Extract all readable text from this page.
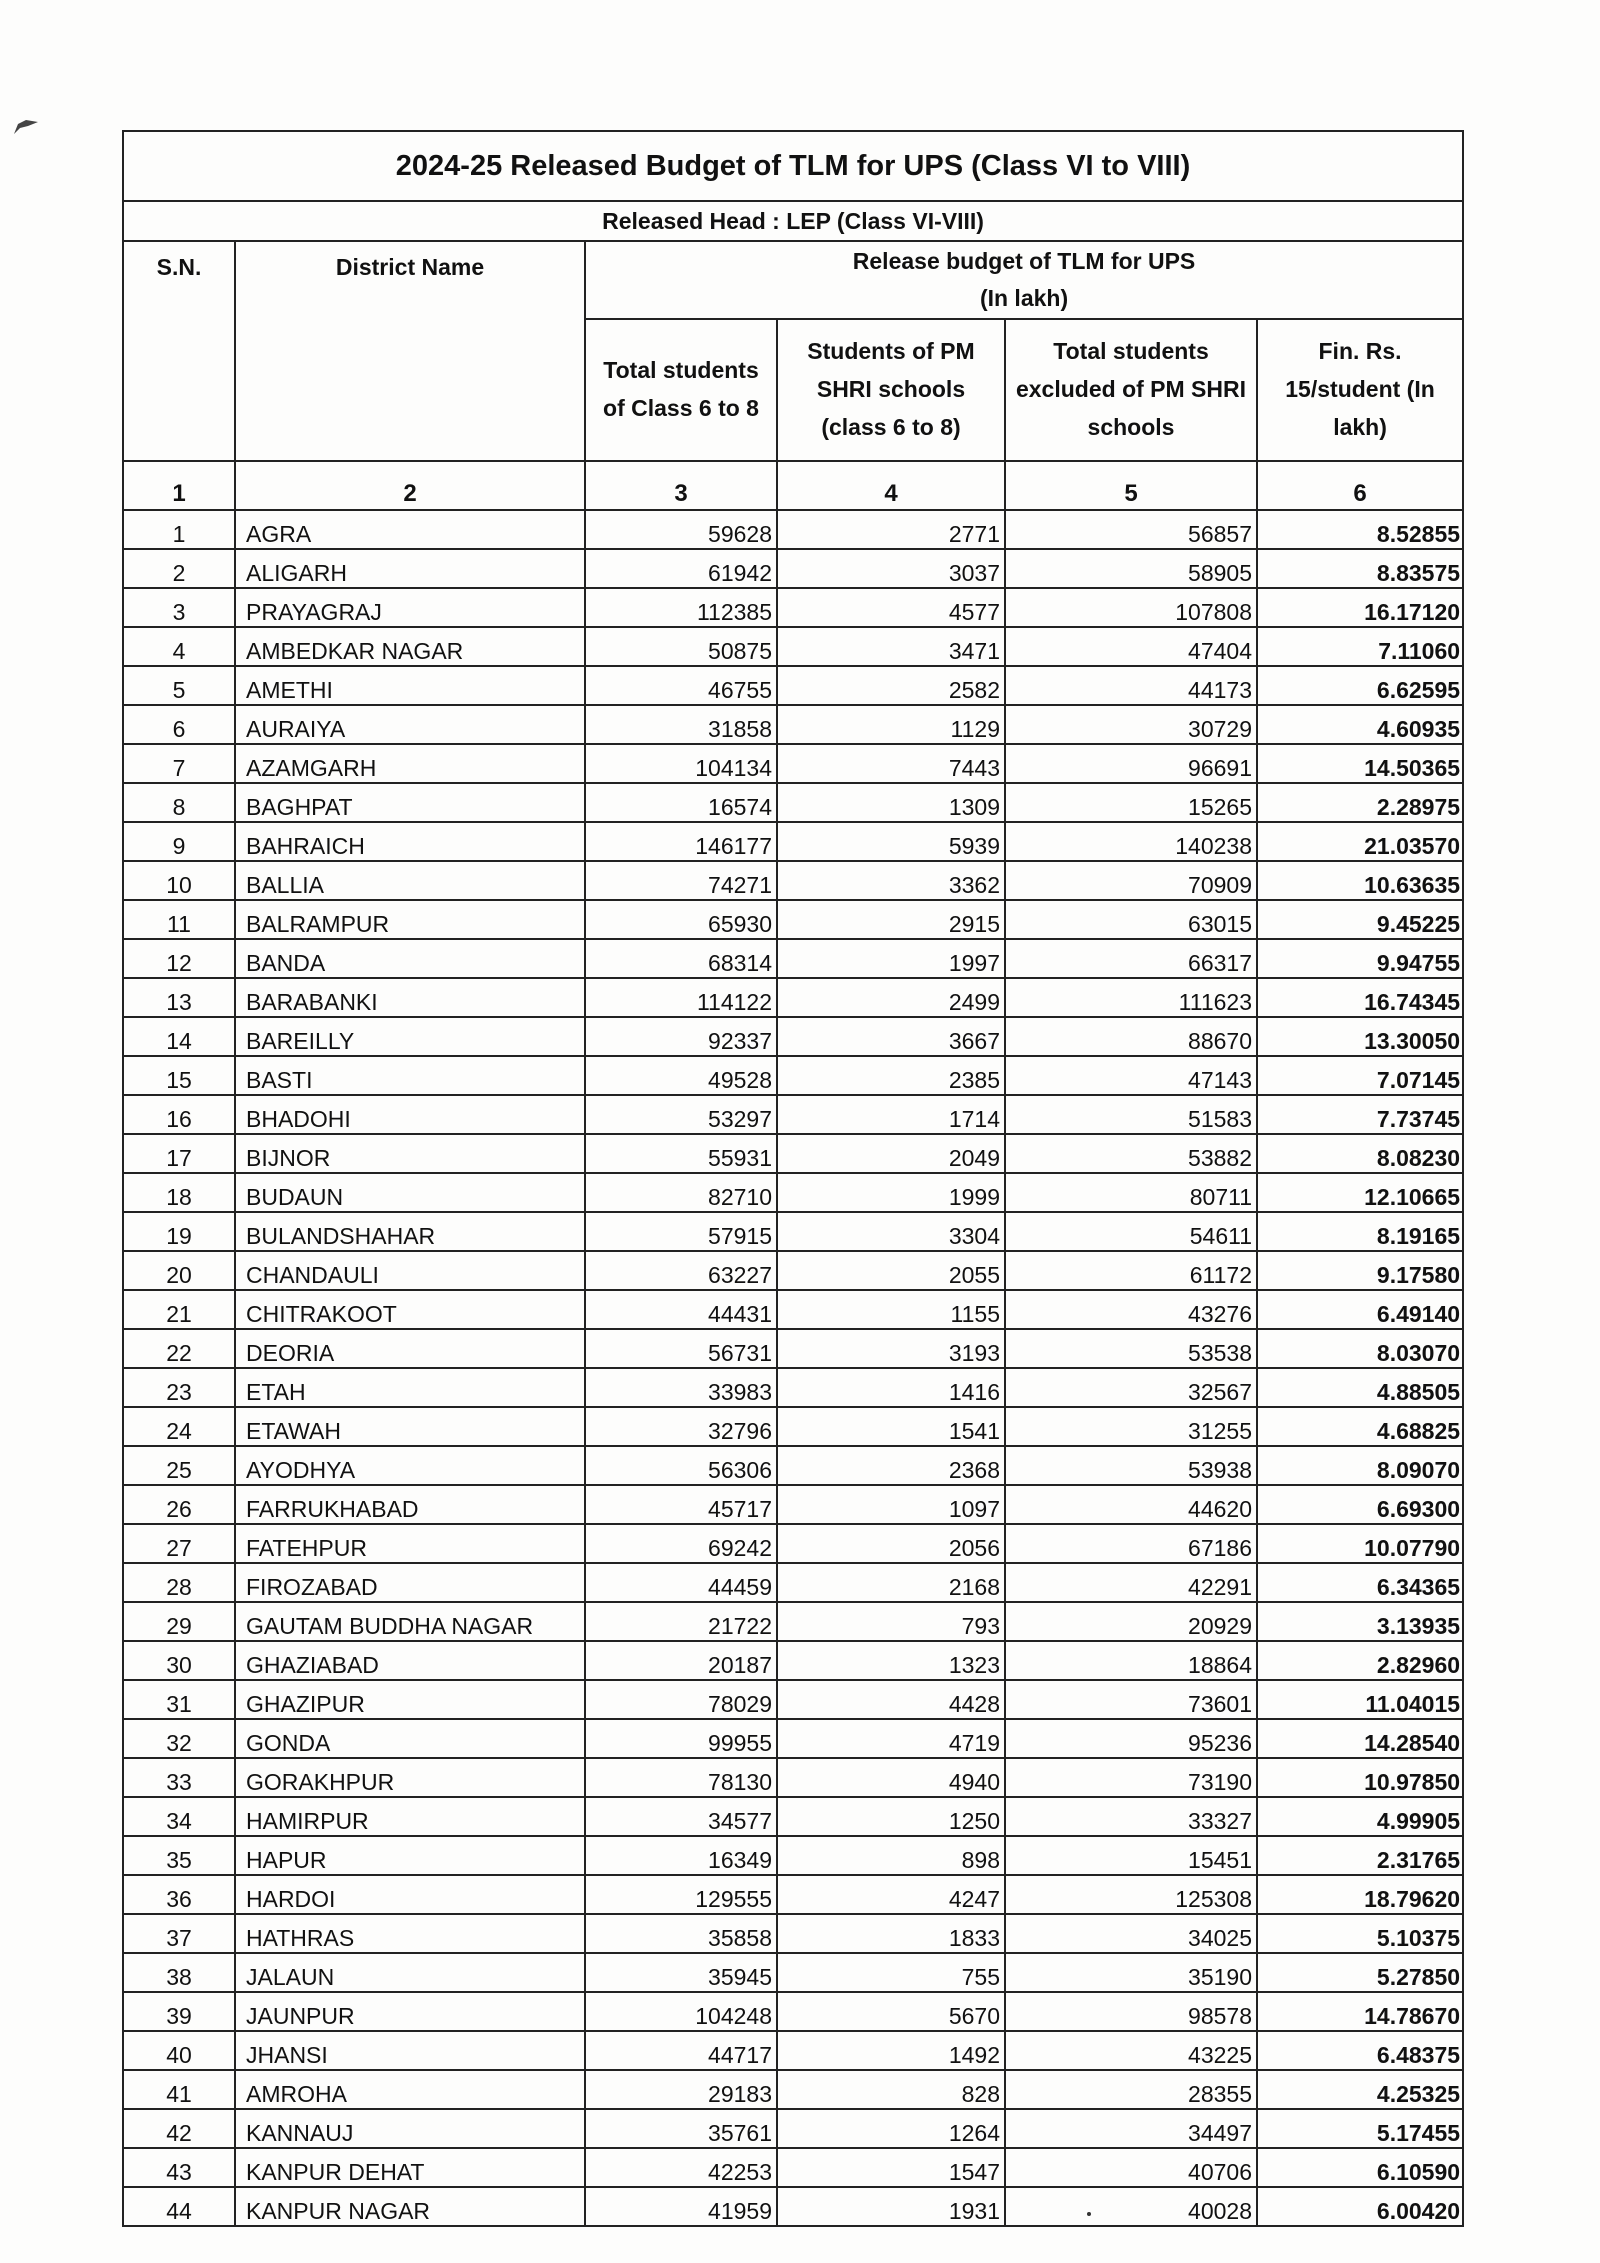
2024-25 Released Budget of TLM for UPS (Class VI to VIII)					
Released Head : LEP (Class VI-VIII)					
S.N.	District Name	Release budget of TLM for UPS
(In lakh)			

		Total students of Class 6 to 8	Students of PM SHRI schools (class 6 to 8)	Total students excluded of PM SHRI schools	Fin. Rs. 15/student (In lakh)
1	2	3	4	5	6
1	AGRA	59628	2771	56857	8.52855
2	ALIGARH	61942	3037	58905	8.83575
3	PRAYAGRAJ	112385	4577	107808	16.17120
4	AMBEDKAR NAGAR	50875	3471	47404	7.11060
5	AMETHI	46755	2582	44173	6.62595
6	AURAIYA	31858	1129	30729	4.60935
7	AZAMGARH	104134	7443	96691	14.50365
8	BAGHPAT	16574	1309	15265	2.28975
9	BAHRAICH	146177	5939	140238	21.03570
10	BALLIA	74271	3362	70909	10.63635
11	BALRAMPUR	65930	2915	63015	9.45225
12	BANDA	68314	1997	66317	9.94755
13	BARABANKI	114122	2499	111623	16.74345
14	BAREILLY	92337	3667	88670	13.30050
15	BASTI	49528	2385	47143	7.07145
16	BHADOHI	53297	1714	51583	7.73745
17	BIJNOR	55931	2049	53882	8.08230
18	BUDAUN	82710	1999	80711	12.10665
19	BULANDSHAHAR	57915	3304	54611	8.19165
20	CHANDAULI	63227	2055	61172	9.17580
21	CHITRAKOOT	44431	1155	43276	6.49140
22	DEORIA	56731	3193	53538	8.03070
23	ETAH	33983	1416	32567	4.88505
24	ETAWAH	32796	1541	31255	4.68825
25	AYODHYA	56306	2368	53938	8.09070
26	FARRUKHABAD	45717	1097	44620	6.69300
27	FATEHPUR	69242	2056	67186	10.07790
28	FIROZABAD	44459	2168	42291	6.34365
29	GAUTAM BUDDHA NAGAR	21722	793	20929	3.13935
30	GHAZIABAD	20187	1323	18864	2.82960
31	GHAZIPUR	78029	4428	73601	11.04015
32	GONDA	99955	4719	95236	14.28540
33	GORAKHPUR	78130	4940	73190	10.97850
34	HAMIRPUR	34577	1250	33327	4.99905
35	HAPUR	16349	898	15451	2.31765
36	HARDOI	129555	4247	125308	18.79620
37	HATHRAS	35858	1833	34025	5.10375
38	JALAUN	35945	755	35190	5.27850
39	JAUNPUR	104248	5670	98578	14.78670
40	JHANSI	44717	1492	43225	6.48375
41	AMROHA	29183	828	28355	4.25325
42	KANNAUJ	35761	1264	34497	5.17455
43	KANPUR DEHAT	42253	1547	40706	6.10590
44	KANPUR NAGAR	41959	1931	40028	6.00420
